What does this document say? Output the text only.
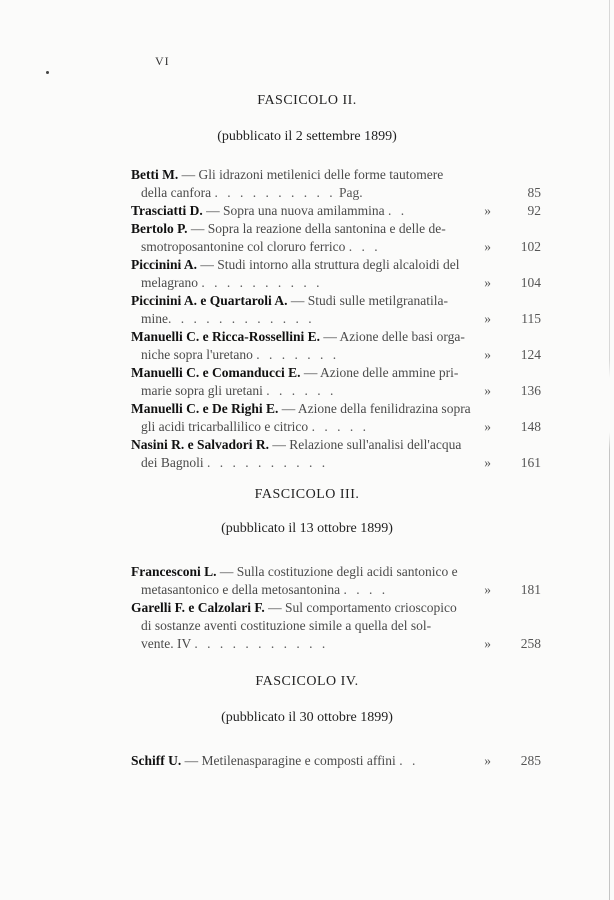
VI
FASCICOLO II.
(pubblicato il 2 settembre 1899)
Betti M. — Gli idrazoni metilenici delle forme tautomere
della canfora . . . . . . . . . . Pag.	85
Trasciatti D. — Sopra una nuova amilammina . .	»	92
Bertolo P. — Sopra la reazione della santonina e delle de-
smotroposantonine col cloruro ferrico . . .	» 102
Piccinini A. — Studi intorno alla struttura degli alcaloidi del
melagrano . . . . . . . . . .	» 104
Piccinini A. e Quartaroli A. — Studi sulle metilgranatila-
mine. . . . . . . . . . . .	» 115
Manuelli C. e Ricca-Rossellini E. — Azione delle basi orga-
niche sopra l'uretano . . . . . . .	» 124
Manuelli C. e Comanducci E. — Azione delle ammine pri-
marie sopra gli uretani . . . . . .	» 136
Manuelli C. e De Righi E. — Azione della fenilidrazina sopra
gli acidi tricarballilico e citrico . . . . .	» 148
Nasini R. e Salvadori R. — Relazione sull'analisi dell'acqua
dei Bagnoli . . . . . . . . . .	» 161
FASCICOLO III.
(pubblicato il 13 ottobre 1899)
Francesconi L. — Sulla costituzione degli acidi santonico e
metasantonico e della metosantonina . . . .	» 181
Garelli F. e Calzolari F. — Sul comportamento crioscopico
di sostanze aventi costituzione simile a quella del sol-
vente. IV . . . . . . . . . . .	» 258
FASCICOLO IV.
(pubblicato il 30 ottobre 1899)
Schiff U. — Metilenasparagine e composti affini . .	» 285
